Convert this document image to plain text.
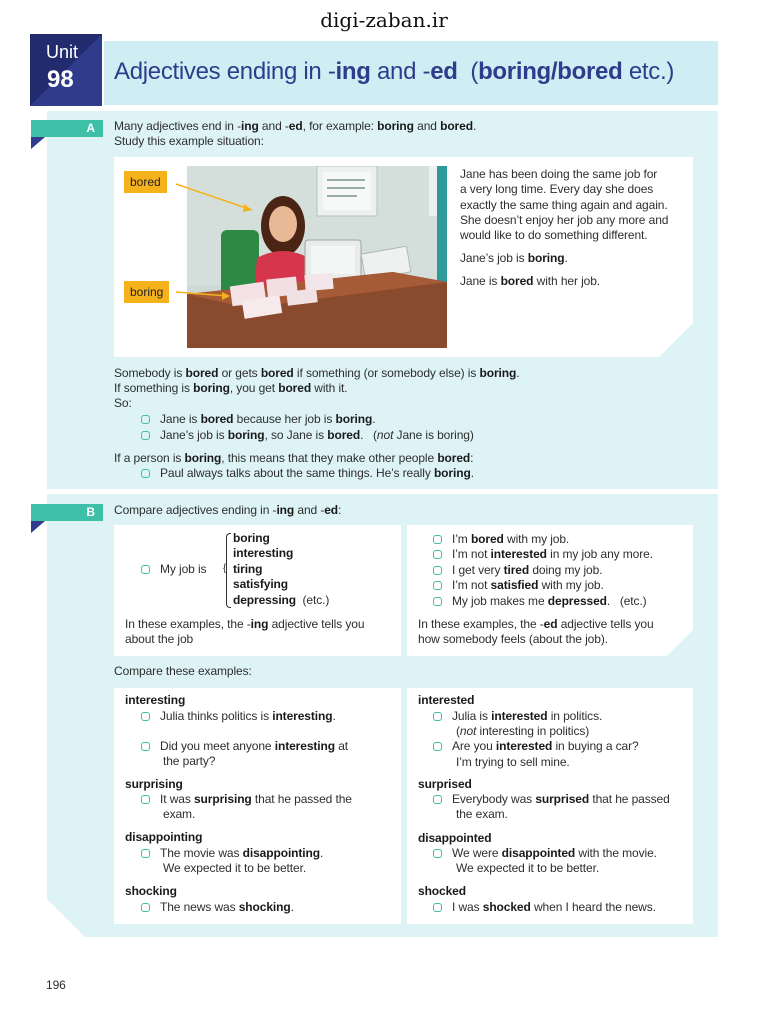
digi-zaban.ir
Unit
98 Adjectives ending in -ing and -ed  (boring/bored etc.)
A Many adjectives end in -ing and -ed, for example: boring and bored.
Study this example situation:
bored
boring
Jane has been doing the same job for
a very long time. Every day she does
exactly the same thing again and again.
She doesn’t enjoy her job any more and
would like to do something different.
Jane’s job is boring.
Jane is bored with her job.
Somebody is bored or gets bored if something (or somebody else) is boring.
If something is boring, you get bored with it.
So:
Jane is bored because her job is boring.
Jane’s job is boring, so Jane is bored.   (not Jane is boring)
If a person is boring, this means that they make other people bored:
Paul always talks about the same things. He’s really boring.
B Compare adjectives ending in -ing and -ed:
My job is {
boring
interesting
tiring
satisfying
depressing (etc.)
In these examples, the -ing adjective tells you
about the job
I’m bored with my job.
I’m not interested in my job any more.
I get very tired doing my job.
I’m not satisfied with my job.
My job makes me depressed.   (etc.)
In these examples, the -ed adjective tells you
how somebody feels (about the job).
Compare these examples:
interesting
Julia thinks politics is interesting.
Did you meet anyone interesting at
the party?
surprising
It was surprising that he passed the
exam.
disappointing
The movie was disappointing.
We expected it to be better.
shocking
The news was shocking.
interested
Julia is interested in politics.
(not interesting in politics)
Are you interested in buying a car?
I’m trying to sell mine.
surprised
Everybody was surprised that he passed
the exam.
disappointed
We were disappointed with the movie.
We expected it to be better.
shocked
I was shocked when I heard the news.
196
